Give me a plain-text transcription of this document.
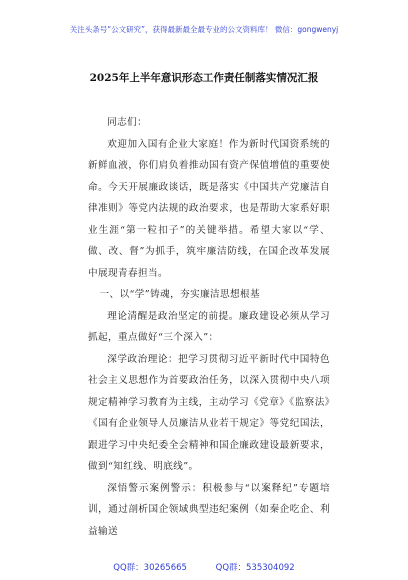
关注头条号“公文研究”，获得最新最全最专业的公文资料库！ 微信：gongwenyj
2025年上半年意识形态工作责任制落实情况汇报

同志们：

欢迎加入国有企业大家庭！作为新时代国资系统的新鲜血液，你们肩负着推动国有资产保值增值的重要使命。今天开展廉政谈话，既是落实《中国共产党廉洁自律准则》等党内法规的政治要求，也是帮助大家系好职业生涯“第一粒扣子”的关键举措。希望大家以“学、做、改、督”为抓手，筑牢廉洁防线，在国企改革发展中展现青春担当。

一、以“学”铸魂，夯实廉洁思想根基

理论清醒是政治坚定的前提。廉政建设必须从学习抓起，重点做好“三个深入”：

深学政治理论：把学习贯彻习近平新时代中国特色社会主义思想作为首要政治任务，以深入贯彻中央八项规定精神学习教育为主线，主动学习《党章》《监察法》《国有企业领导人员廉洁从业若干规定》等党纪国法，跟进学习中央纪委全会精神和国企廉政建设最新要求，做到“知红线、明底线”。

深悟警示案例警示：积极参与“以案释纪”专题培训，通过剖析国企领域典型违纪案例（如秦企吃企、利益输送

QQ群：30265665	QQ群：535304092
